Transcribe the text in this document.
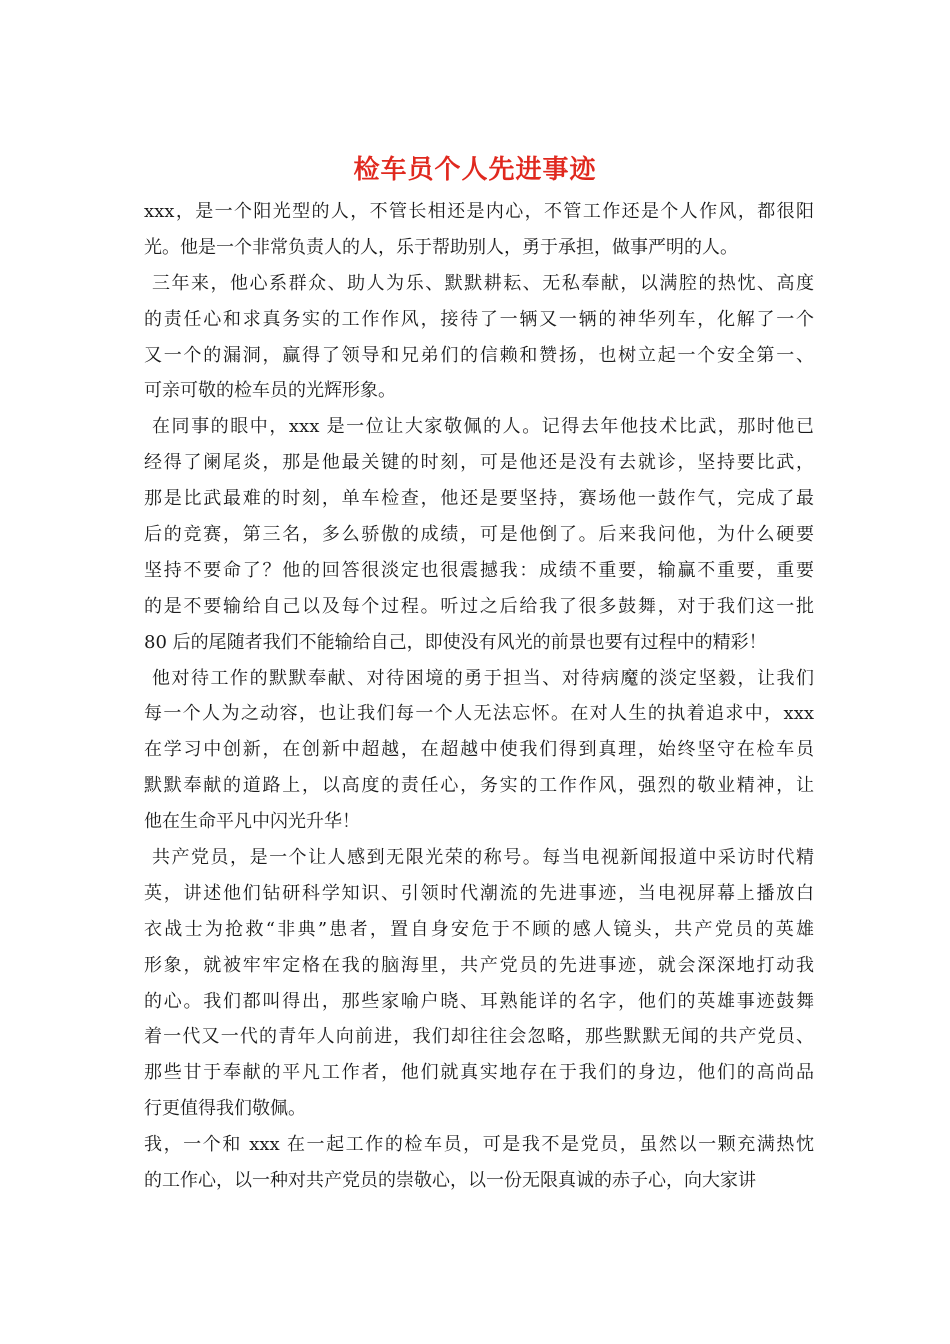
检车员个人先进事迹
xxx，是一个阳光型的人，不管长相还是内心，不管工作还是个人作风，都很阳
光。他是一个非常负责人的人，乐于帮助别人，勇于承担，做事严明的人。
三年来，他心系群众、助人为乐、默默耕耘、无私奉献，以满腔的热忱、高度
的责任心和求真务实的工作作风，接待了一辆又一辆的神华列车，化解了一个
又一个的漏洞，赢得了领导和兄弟们的信赖和赞扬，也树立起一个安全第一、
可亲可敬的检车员的光辉形象。
在同事的眼中，xxx 是一位让大家敬佩的人。记得去年他技术比武，那时他已
经得了阑尾炎，那是他最关键的时刻，可是他还是没有去就诊，坚持要比武，
那是比武最难的时刻，单车检查，他还是要坚持，赛场他一鼓作气，完成了最
后的竞赛，第三名，多么骄傲的成绩，可是他倒了。后来我问他，为什么硬要
坚持不要命了？他的回答很淡定也很震撼我：成绩不重要，输赢不重要，重要
的是不要输给自己以及每个过程。听过之后给我了很多鼓舞，对于我们这一批
80 后的尾随者我们不能输给自己，即使没有风光的前景也要有过程中的精彩！
他对待工作的默默奉献、对待困境的勇于担当、对待病魔的淡定坚毅，让我们
每一个人为之动容，也让我们每一个人无法忘怀。在对人生的执着追求中，xxx
在学习中创新，在创新中超越，在超越中使我们得到真理，始终坚守在检车员
默默奉献的道路上，以高度的责任心，务实的工作作风，强烈的敬业精神，让
他在生命平凡中闪光升华！
共产党员，是一个让人感到无限光荣的称号。每当电视新闻报道中采访时代精
英，讲述他们钻研科学知识、引领时代潮流的先进事迹，当电视屏幕上播放白
衣战士为抢救“非典”患者，置自身安危于不顾的感人镜头，共产党员的英雄
形象，就被牢牢定格在我的脑海里，共产党员的先进事迹，就会深深地打动我
的心。我们都叫得出，那些家喻户晓、耳熟能详的名字，他们的英雄事迹鼓舞
着一代又一代的青年人向前进，我们却往往会忽略，那些默默无闻的共产党员、
那些甘于奉献的平凡工作者，他们就真实地存在于我们的身边，他们的高尚品
行更值得我们敬佩。
我，一个和 xxx 在一起工作的检车员，可是我不是党员，虽然以一颗充满热忱
的工作心，以一种对共产党员的崇敬心，以一份无限真诚的赤子心，向大家讲
